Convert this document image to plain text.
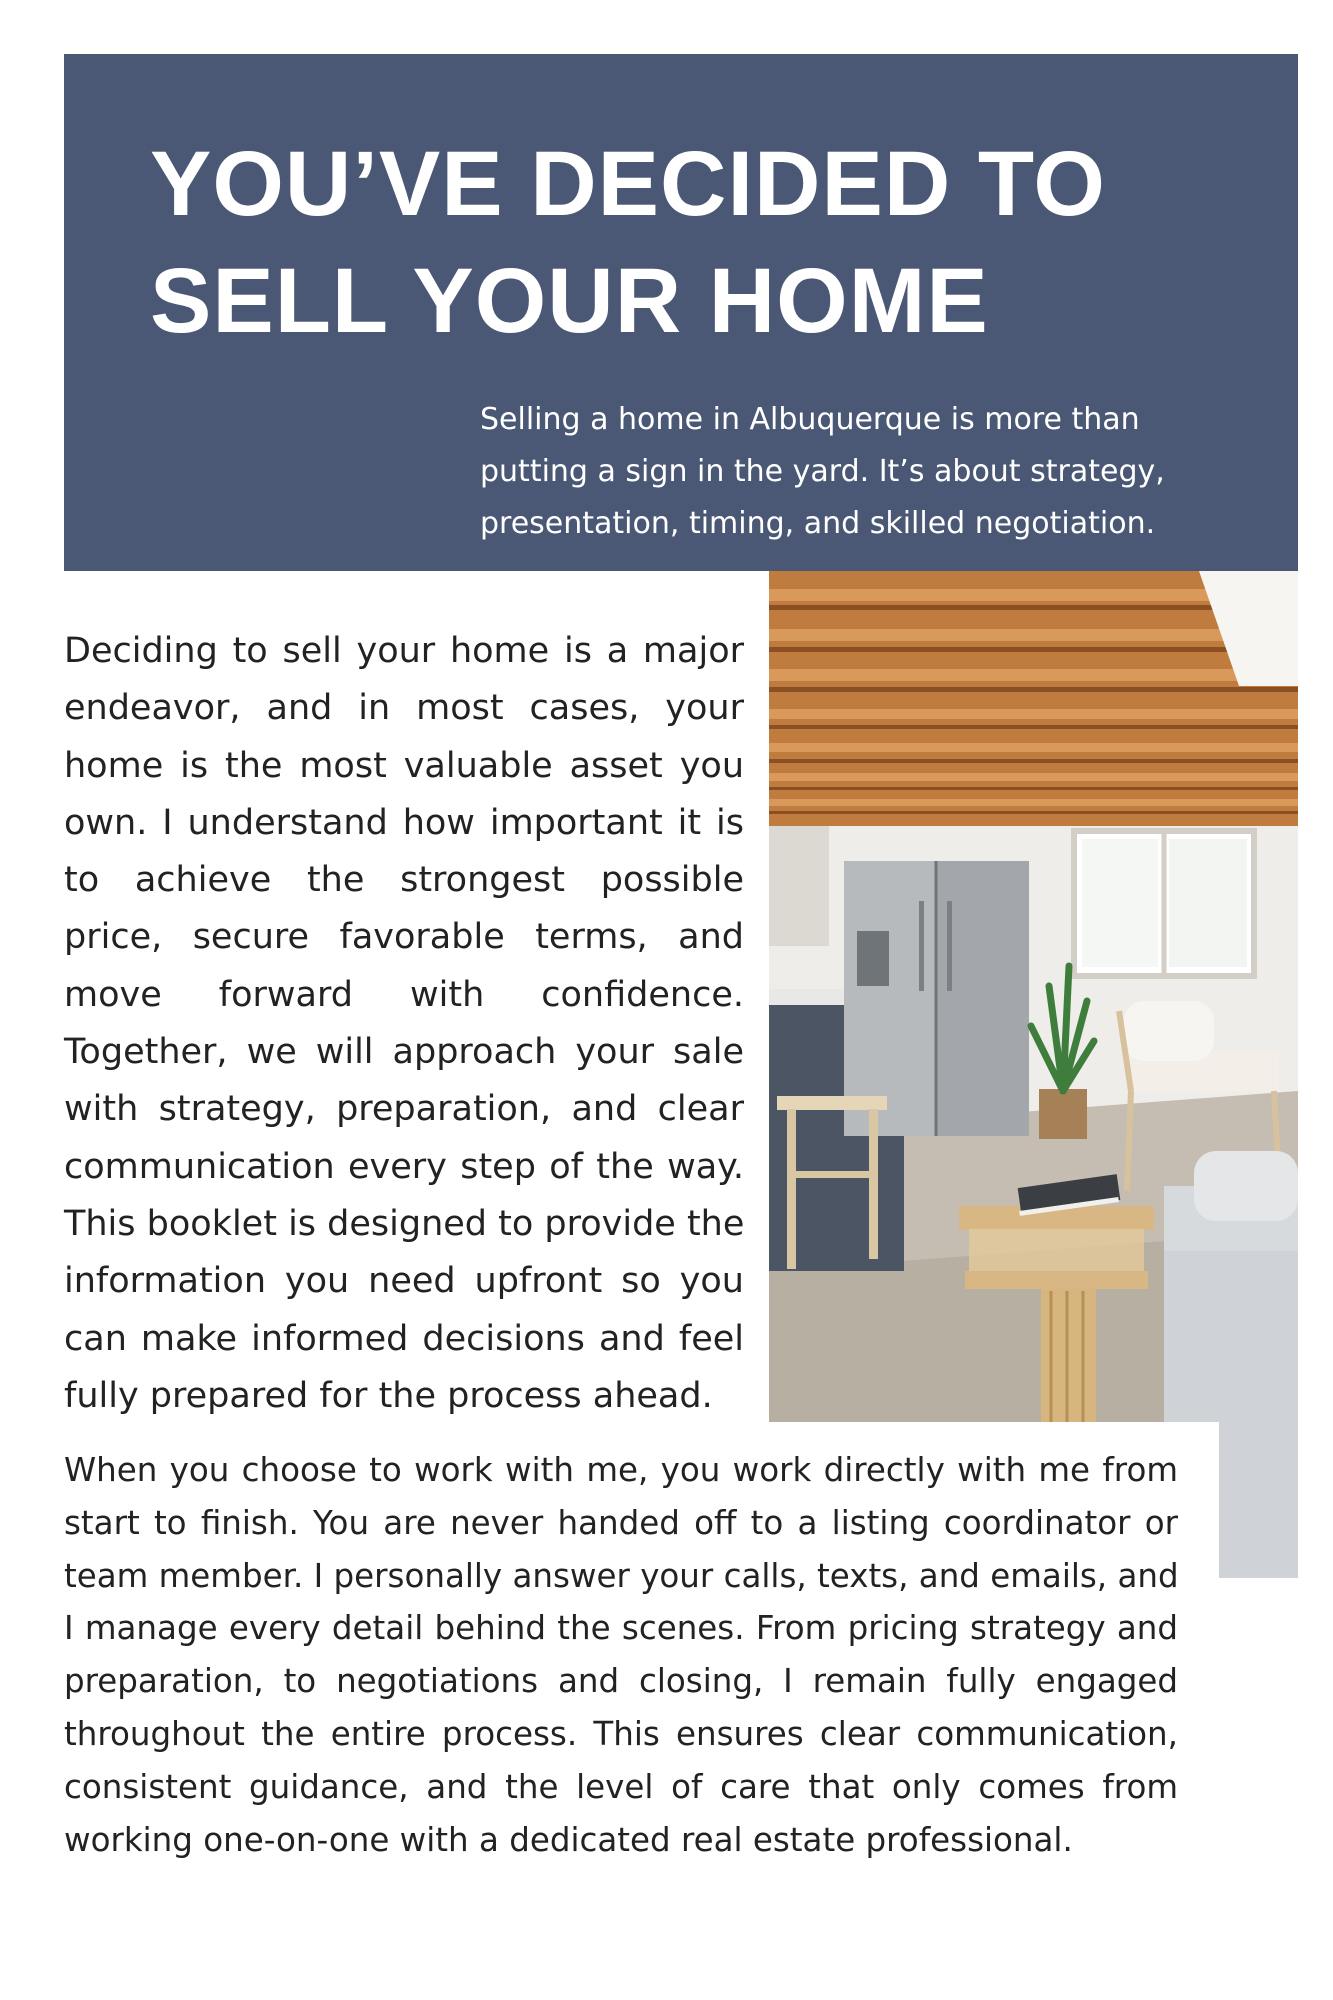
YOU’VE DECIDED TO
SELL YOUR HOME

Selling a home in Albuquerque is more than
putting a sign in the yard. It’s about strategy,
presentation, timing, and skilled negotiation.

Deciding to sell your home is a major
endeavor, and in most cases, your
home is the most valuable asset you
own. I understand how important it is
to achieve the strongest possible
price, secure favorable terms, and
move forward with confidence.
Together, we will approach your sale
with strategy, preparation, and clear
communication every step of the way.
This booklet is designed to provide the
information you need upfront so you
can make informed decisions and feel
fully prepared for the process ahead.

When you choose to work with me, you work directly with me from
start to finish. You are never handed off to a listing coordinator or
team member. I personally answer your calls, texts, and emails, and
I manage every detail behind the scenes. From pricing strategy and
preparation, to negotiations and closing, I remain fully engaged
throughout the entire process. This ensures clear communication,
consistent guidance, and the level of care that only comes from
working one-on-one with a dedicated real estate professional.
